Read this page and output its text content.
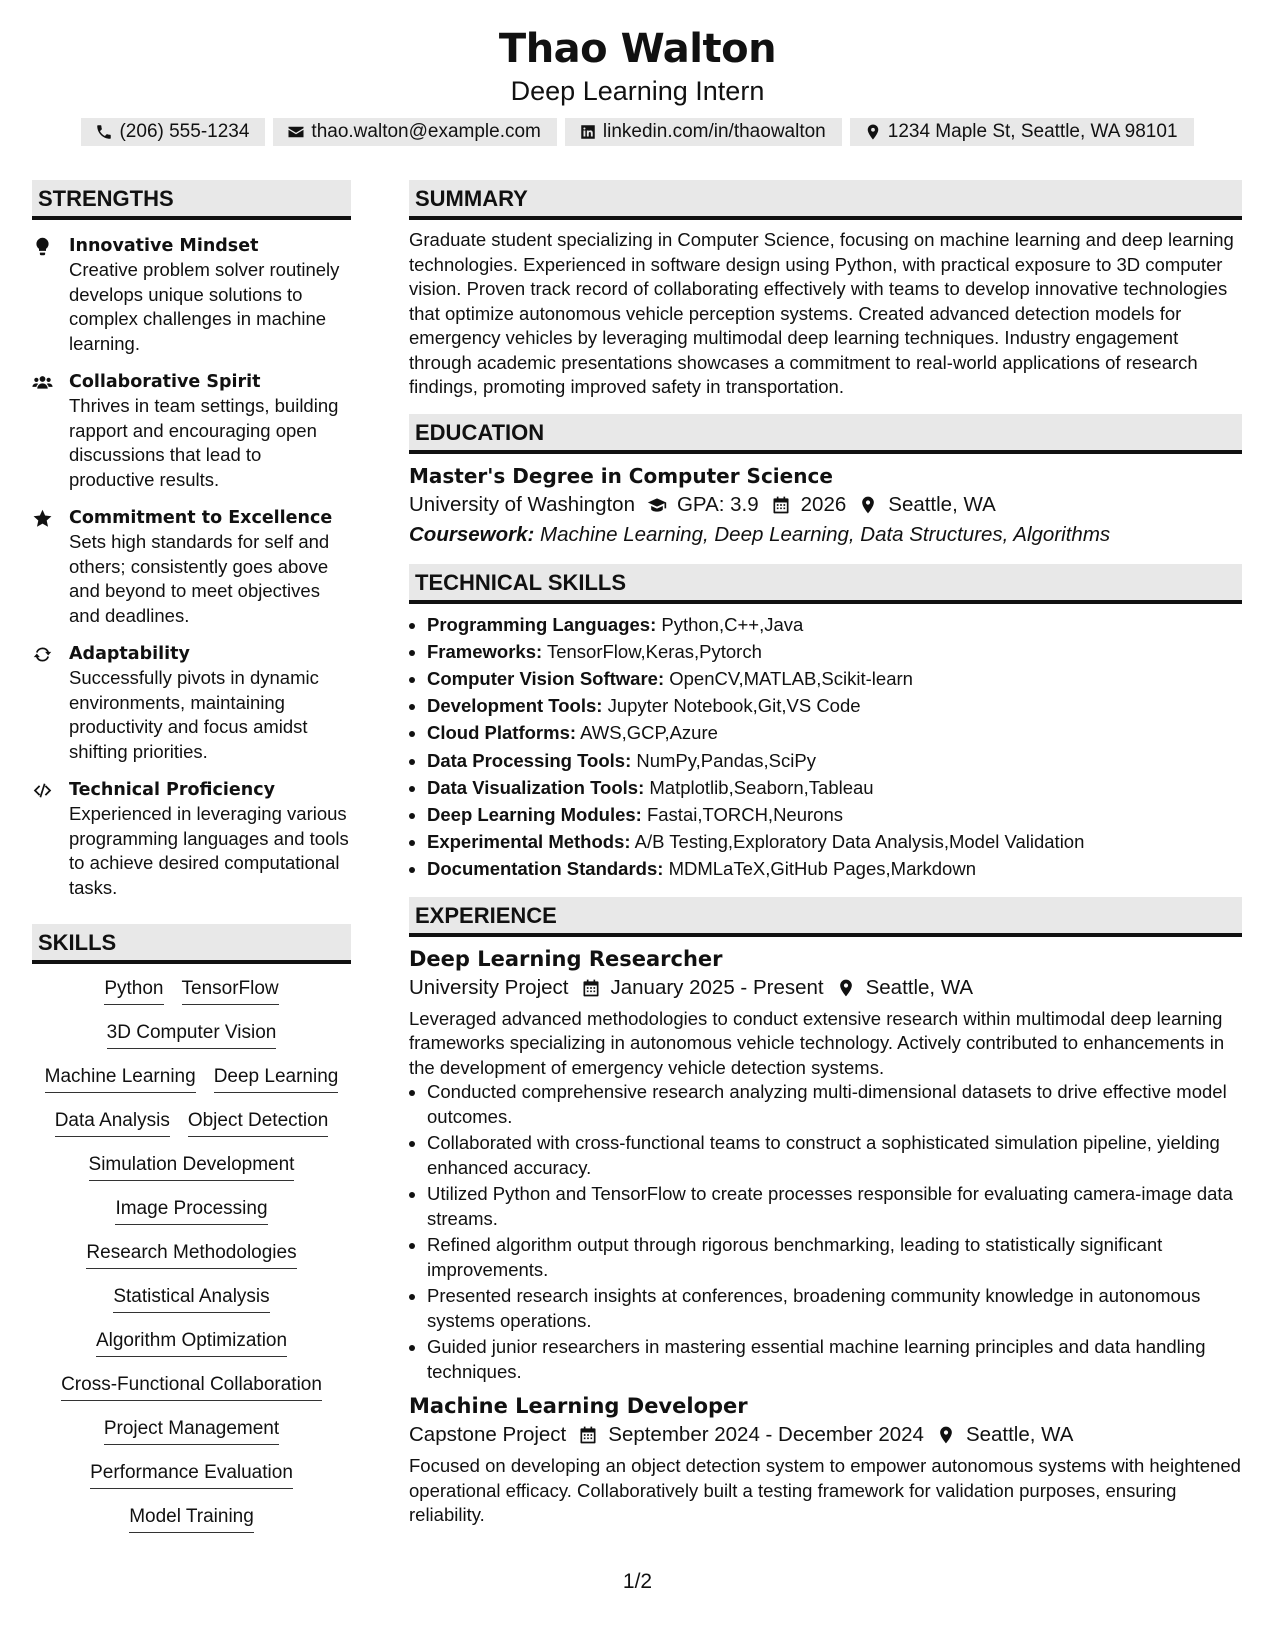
Thao Walton
Deep Learning Intern
(206) 555-1234	thao.walton@example.com	linkedin.com/in/thaowalton	1234 Maple St, Seattle, WA 98101
STRENGTHS
Innovative Mindset
Creative problem solver routinely develops unique solutions to complex challenges in machine learning.
Collaborative Spirit
Thrives in team settings, building rapport and encouraging open discussions that lead to productive results.
Commitment to Excellence
Sets high standards for self and others; consistently goes above and beyond to meet objectives and deadlines.
Adaptability
Successfully pivots in dynamic environments, maintaining productivity and focus amidst shifting priorities.
Technical Proficiency
Experienced in leveraging various programming languages and tools to achieve desired computational tasks.
SKILLS
Python TensorFlow
3D Computer Vision
Machine Learning Deep Learning
Data Analysis Object Detection
Simulation Development
Image Processing
Research Methodologies
Statistical Analysis
Algorithm Optimization
Cross-Functional Collaboration
Project Management
Performance Evaluation
Model Training
SUMMARY
Graduate student specializing in Computer Science, focusing on machine learning and deep learning technologies. Experienced in software design using Python, with practical exposure to 3D computer vision. Proven track record of collaborating effectively with teams to develop innovative technologies that optimize autonomous vehicle perception systems. Created advanced detection models for emergency vehicles by leveraging multimodal deep learning techniques. Industry engagement through academic presentations showcases a commitment to real-world applications of research findings, promoting improved safety in transportation.
EDUCATION
Master's Degree in Computer Science
University of Washington GPA: 3.9 2026 Seattle, WA
Coursework: Machine Learning, Deep Learning, Data Structures, Algorithms
TECHNICAL SKILLS
• Programming Languages: Python,C++,Java
• Frameworks: TensorFlow,Keras,Pytorch
• Computer Vision Software: OpenCV,MATLAB,Scikit-learn
• Development Tools: Jupyter Notebook,Git,VS Code
• Cloud Platforms: AWS,GCP,Azure
• Data Processing Tools: NumPy,Pandas,SciPy
• Data Visualization Tools: Matplotlib,Seaborn,Tableau
• Deep Learning Modules: Fastai,TORCH,Neurons
• Experimental Methods: A/B Testing,Exploratory Data Analysis,Model Validation
• Documentation Standards: MDMLaTeX,GitHub Pages,Markdown
EXPERIENCE
Deep Learning Researcher
University Project January 2025 - Present Seattle, WA
Leveraged advanced methodologies to conduct extensive research within multimodal deep learning frameworks specializing in autonomous vehicle technology. Actively contributed to enhancements in the development of emergency vehicle detection systems.
• Conducted comprehensive research analyzing multi-dimensional datasets to drive effective model outcomes.
• Collaborated with cross-functional teams to construct a sophisticated simulation pipeline, yielding enhanced accuracy.
• Utilized Python and TensorFlow to create processes responsible for evaluating camera-image data streams.
• Refined algorithm output through rigorous benchmarking, leading to statistically significant improvements.
• Presented research insights at conferences, broadening community knowledge in autonomous systems operations.
• Guided junior researchers in mastering essential machine learning principles and data handling techniques.
Machine Learning Developer
Capstone Project September 2024 - December 2024 Seattle, WA
Focused on developing an object detection system to empower autonomous systems with heightened operational efficacy. Collaboratively built a testing framework for validation purposes, ensuring reliability.
1/2
